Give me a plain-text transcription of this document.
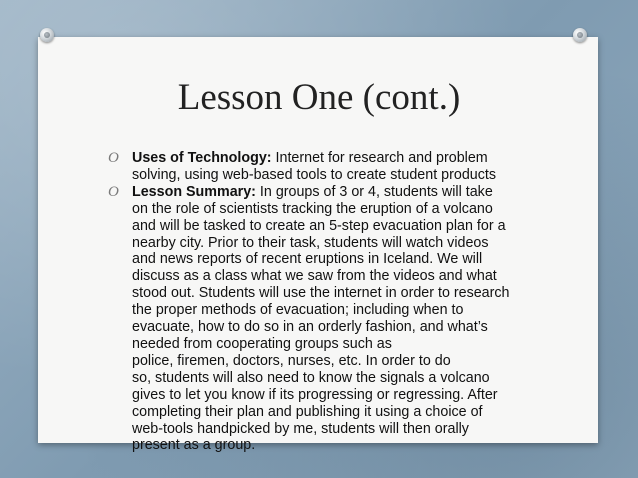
Lesson One (cont.)
O Uses of Technology: Internet for research and problem
solving, using web-based tools to create student products
O Lesson Summary: In groups of 3 or 4, students will take
on the role of scientists tracking the eruption of a volcano
and will be tasked to create an 5-step evacuation plan for a
nearby city. Prior to their task, students will watch videos
and news reports of recent eruptions in Iceland. We will
discuss as a class what we saw from the videos and what
stood out. Students will use the internet in order to research
the proper methods of evacuation; including when to
evacuate, how to do so in an orderly fashion, and what’s
needed from cooperating groups such as
police, firemen, doctors, nurses, etc. In order to do
so, students will also need to know the signals a volcano
gives to let you know if its progressing or regressing. After
completing their plan and publishing it using a choice of
web-tools handpicked by me, students will then orally
present as a group.
